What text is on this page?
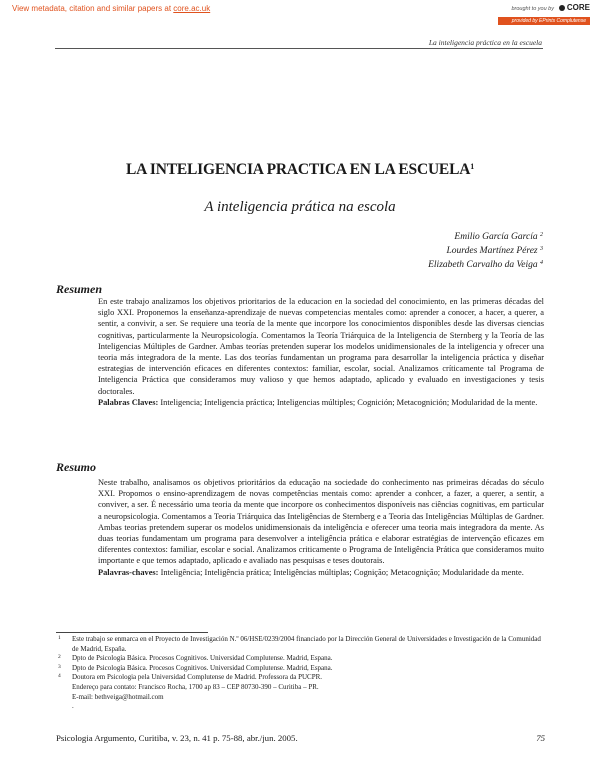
View metadata, citation and similar papers at core.ac.uk	brought to you by	CORE
provided by EPrints Complutense
La inteligencia práctica en la escuela
LA INTELIGENCIA PRACTICA EN LA ESCUELA$^1$
A inteligencia prática na escola
Emilio García García $^2$
Lourdes Martínez Pérez $^3$
Elizabeth Carvalho da Veiga $^4$
Resumen
En este trabajo analizamos los objetivos prioritarios de la educacion en la sociedad del conocimiento, en las primeras décadas del siglo XXI. Proponemos la enseñanza-aprendizaje de nuevas competencias mentales como: aprender a conocer, a hacer, a querer, a sentir, a convivir, a ser. Se requiere una teoría de la mente que incorpore los conocimientos disponibles desde las diversas ciencias cognitivas, particularmente la Neuropsicología. Comentamos la Teoría Triárquica de la Inteligencia de Sternberg y la Teoría de las Inteligencias Múltiples de Gardner. Ambas teorías pretenden superar los modelos unidimensionales de la inteligencia y ofrecer una teoria más integradora de la mente. Las dos teorías fundamentan un programa para desarrollar la inteligencia práctica y diseñar estrategias de intervención eficaces en diferentes contextos: familiar, escolar, social. Analizamos críticamente tal Programa de Inteligencia Práctica que consideramos muy valioso y que hemos adaptado, aplicado y evaluado en investigaciones y tesis doctorales.
Palabras Claves: Inteligencia; Inteligencia práctica; Inteligencias múltiples; Cognición; Metacognición; Modularidad de la mente.
Resumo
Neste trabalho, analisamos os objetivos prioritários da educação na sociedade do conhecimento nas primeiras décadas do século XXI. Propomos o ensino-aprendizagem de novas competências mentais como: aprender a conhcer, a fazer, a querer, a sentir, a conviver, a ser. É necessário uma teoria da mente que incorpore os conhecimentos disponíveis nas ciências cognitivas, em particular a neuropsicologia. Comentamos a Teoria Triárquica das Inteligências de Sternberg e a Teoria das Inteligências Múltiplas de Gardner. Ambas teorias pretendem superar os modelos unidimensionais da inteligência e oferecer uma teoria mais integradora da mente. As duas teorias fundamentam um programa para desenvolver a inteligência prática e elaborar estratégias de intervenção eficazes em diferentes contextos: familiar, escolar e social. Analizamos criticamente o Programa de Inteligência Prática que consideramos muito importante e que temos adaptado, aplicado e avaliado nas pesquisas e teses doutorais.
Palavras-chaves: Inteligência; Inteligência prática; Inteligências múltiplas; Cognição; Metacognição; Modularidade da mente.
1 Este trabajo se enmarca en el Proyecto de Investigación N.º 06/HSE/0239/2004 financiado por la Dirección General de Universidades e Investigación de la Comunidad de Madrid, España.
2 Dpto de Psicología Básica. Procesos Cognitivos. Universidad Complutense. Madrid, Espana.
3 Dpto de Psicología Básica. Procesos Cognitivos. Universidad Complutense. Madrid, Espana.
4 Doutora em Psicologia pela Universidad Complutense de Madrid. Professora da PUCPR.
Endereço para contato: Francisco Rocha, 1700 ap 83 – CEP 80730-390 – Curitiba – PR.
E-mail: bethveiga@hotmail.com
.
Psicologia Argumento, Curitiba, v. 23, n. 41 p. 75-88, abr./jun. 2005.	75
